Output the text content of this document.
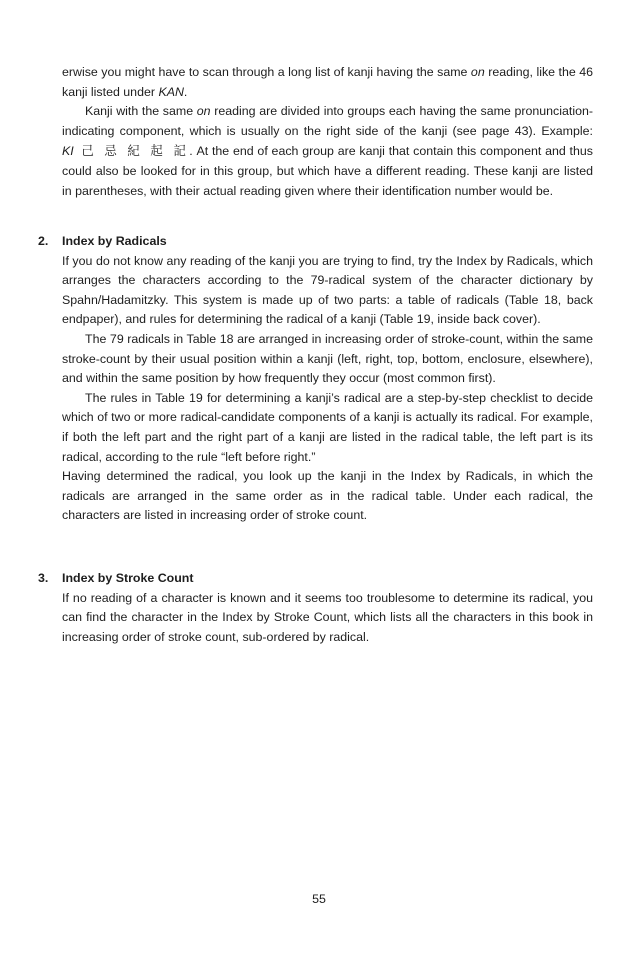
erwise you might have to scan through a long list of kanji having the same on reading, like the 46 kanji listed under KAN.

Kanji with the same on reading are divided into groups each having the same pronunciation-indicating component, which is usually on the right side of the kanji (see page 43). Example: KI 己 忌 紀 起 記. At the end of each group are kanji that contain this component and thus could also be looked for in this group, but which have a different reading. These kanji are listed in parentheses, with their actual reading given where their identification number would be.

2.	Index by Radicals

If you do not know any reading of the kanji you are trying to find, try the Index by Radicals, which arranges the characters according to the 79-radical system of the character dictionary by Spahn/Hadamitzky. This system is made up of two parts: a table of radicals (Table 18, back endpaper), and rules for determining the radical of a kanji (Table 19, inside back cover).

The 79 radicals in Table 18 are arranged in increasing order of stroke-count, within the same stroke-count by their usual position within a kanji (left, right, top, bottom, enclosure, elsewhere), and within the same position by how frequently they occur (most common first).

The rules in Table 19 for determining a kanji’s radical are a step-by-step checklist to decide which of two or more radical-candidate components of a kanji is actually its radical. For example, if both the left part and the right part of a kanji are listed in the radical table, the left part is its radical, according to the rule “left before right.”

Having determined the radical, you look up the kanji in the Index by Radicals, in which the radicals are arranged in the same order as in the radical table. Under each radical, the characters are listed in increasing order of stroke count.

3.	Index by Stroke Count

If no reading of a character is known and it seems too troublesome to determine its radical, you can find the character in the Index by Stroke Count, which lists all the characters in this book in increasing order of stroke count, sub-ordered by radical.

55
